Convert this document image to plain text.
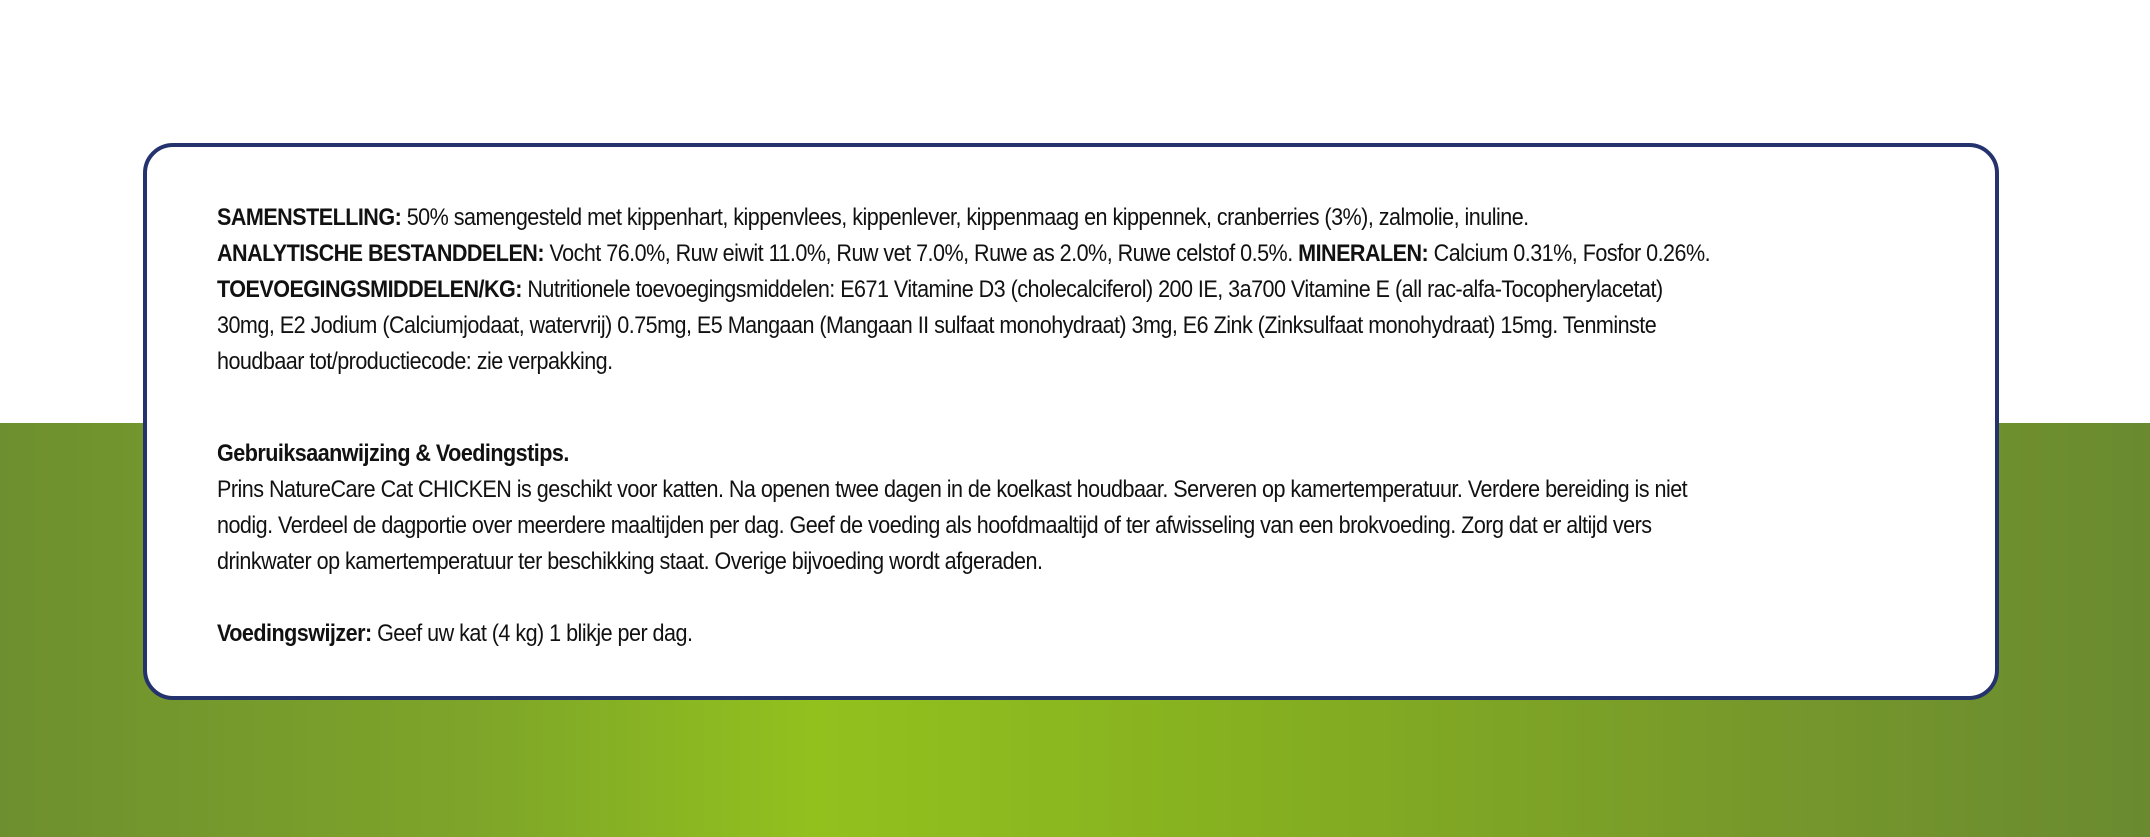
SAMENSTELLING: 50% samengesteld met kippenhart, kippenvlees, kippenlever, kippenmaag en kippennek, cranberries (3%), zalmolie, inuline.
ANALYTISCHE BESTANDDELEN: Vocht 76.0%, Ruw eiwit 11.0%, Ruw vet 7.0%, Ruwe as 2.0%, Ruwe celstof 0.5%. MINERALEN: Calcium 0.31%, Fosfor 0.26%. TOEVOEGINGSMIDDELEN/KG: Nutritionele toevoegingsmiddelen: E671 Vitamine D3 (cholecalciferol) 200 IE, 3a700 Vitamine E (all rac-alfa-Tocopherylacetat) 30mg, E2 Jodium (Calciumjodaat, watervrij) 0.75mg, E5 Mangaan (Mangaan II sulfaat monohydraat) 3mg, E6 Zink (Zinksulfaat monohydraat) 15mg. Tenminste houdbaar tot/productiecode: zie verpakking.

Gebruiksaanwijzing & Voedingstips.

Prins NatureCare Cat CHICKEN is geschikt voor katten. Na openen twee dagen in de koelkast houdbaar. Serveren op kamertemperatuur. Verdere bereiding is niet nodig. Verdeel de dagportie over meerdere maaltijden per dag. Geef de voeding als hoofdmaaltijd of ter afwisseling van een brokvoeding. Zorg dat er altijd vers drinkwater op kamertemperatuur ter beschikking staat. Overige bijvoeding wordt afgeraden.

Voedingswijzer: Geef uw kat (4 kg) 1 blikje per dag.
